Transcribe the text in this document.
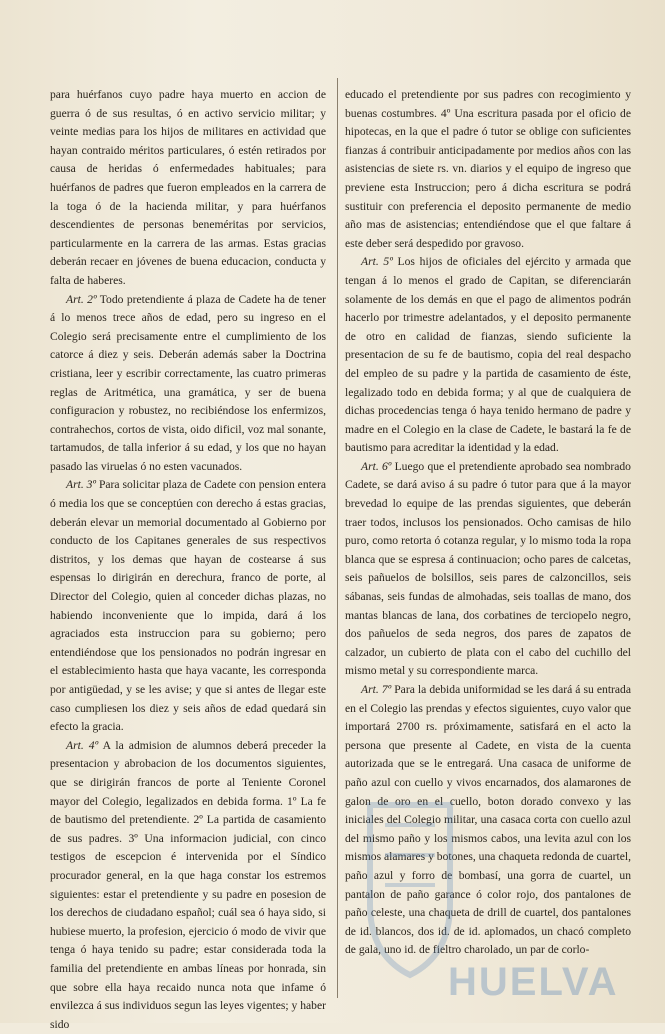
para huérfanos cuyo padre haya muerto en accion de guerra ó de sus resultas, ó en activo servicio militar; y veinte medias para los hijos de militares en actividad que hayan contraido méritos particulares, ó estén retirados por causa de heridas ó enfermedades habituales; para huérfanos de padres que fueron empleados en la carrera de la toga ó de la hacienda militar, y para huérfanos descendientes de personas beneméritas por servicios, particularmente en la carrera de las armas. Estas gracias deberán recaer en jóvenes de buena educacion, conducta y falta de haberes.

Art. 2º Todo pretendiente á plaza de Cadete ha de tener á lo menos trece años de edad, pero su ingreso en el Colegio será precisamente entre el cumplimiento de los catorce á diez y seis. Deberán además saber la Doctrina cristiana, leer y escribir correctamente, las cuatro primeras reglas de Aritmética, una gramática, y ser de buena configuracion y robustez, no recibiéndose los enfermizos, contrahechos, cortos de vista, oido dificil, voz mal sonante, tartamudos, de talla inferior á su edad, y los que no hayan pasado las viruelas ó no esten vacunados.

Art. 3º Para solicitar plaza de Cadete con pension entera ó media los que se conceptúen con derecho á estas gracias, deberán elevar un memorial documentado al Gobierno por conducto de los Capitanes generales de sus respectivos distritos, y los demas que hayan de costearse á sus espensas lo dirigirán en derechura, franco de porte, al Director del Colegio, quien al conceder dichas plazas, no habiendo inconveniente que lo impida, dará á los agraciados esta instruccion para su gobierno; pero entendiéndose que los pensionados no podrán ingresar en el establecimiento hasta que haya vacante, les corresponda por antigüedad, y se les avise; y que si antes de llegar este caso cumpliesen los diez y seis años de edad quedará sin efecto la gracia.

Art. 4º A la admision de alumnos deberá preceder la presentacion y abrobacion de los documentos siguientes, que se dirigirán francos de porte al Teniente Coronel mayor del Colegio, legalizados en debida forma. 1º La fe de bautismo del pretendiente. 2º La partida de casamiento de sus padres. 3º Una informacion judicial, con cinco testigos de escepcion é intervenida por el Síndico procurador general, en la que haga constar los estremos siguientes: estar el pretendiente y su padre en posesion de los derechos de ciudadano español; cuál sea ó haya sido, si hubiese muerto, la profesion, ejercicio ó modo de vivir que tenga ó haya tenido su padre; estar considerada toda la familia del pretendiente en ambas líneas por honrada, sin que sobre ella haya recaido nunca nota que infame ó envilezca á sus individuos segun las leyes vigentes; y haber sido

educado el pretendiente por sus padres con recogimiento y buenas costumbres. 4º Una escritura pasada por el oficio de hipotecas, en la que el padre ó tutor se oblige con suficientes fianzas á contribuir anticipadamente por medios años con las asistencias de siete rs. vn. diarios y el equipo de ingreso que previene esta Instruccion; pero á dicha escritura se podrá sustituir con preferencia el deposito permanente de medio año mas de asistencias; entendiéndose que el que faltare á este deber será despedido por gravoso.

Art. 5º Los hijos de oficiales del ejército y armada que tengan á lo menos el grado de Capitan, se diferenciarán solamente de los demás en que el pago de alimentos podrán hacerlo por trimestre adelantados, y el deposito permanente de otro en calidad de fianzas, siendo suficiente la presentacion de su fe de bautismo, copia del real despacho del empleo de su padre y la partida de casamiento de éste, legalizado todo en debida forma; y al que de cualquiera de dichas procedencias tenga ó haya tenido hermano de padre y madre en el Colegio en la clase de Cadete, le bastará la fe de bautismo para acreditar la identidad y la edad.

Art. 6º Luego que el pretendiente aprobado sea nombrado Cadete, se dará aviso á su padre ó tutor para que á la mayor brevedad lo equipe de las prendas siguientes, que deberán traer todos, inclusos los pensionados. Ocho camisas de hilo puro, como retorta ó cotanza regular, y lo mismo toda la ropa blanca que se espresa á continuacion; ocho pares de calcetas, seis pañuelos de bolsillos, seis pares de calzoncillos, seis sábanas, seis fundas de almohadas, seis toallas de mano, dos mantas blancas de lana, dos corbatines de terciopelo negro, dos pañuelos de seda negros, dos pares de zapatos de calzador, un cubierto de plata con el cabo del cuchillo del mismo metal y su correspondiente marca.

Art. 7º Para la debida uniformidad se les dará á su entrada en el Colegio las prendas y efectos siguientes, cuyo valor que importará 2700 rs. próximamente, satisfará en el acto la persona que presente al Cadete, en vista de la cuenta autorizada que se le entregará. Una casaca de uniforme de paño azul con cuello y vivos encarnados, dos alamarones de galon de oro en el cuello, boton dorado convexo y las iniciales del Colegio militar, una casaca corta con cuello azul del mismo paño y los mismos cabos, una levita azul con los mismos alamares y botones, una chaqueta redonda de cuartel, paño azul y forro de bombasí, una gorra de cuartel, un pantalon de paño garance ó color rojo, dos pantalones de paño celeste, una chaqueta de drill de cuartel, dos pantalones de id. blancos, dos id. de id. aplomados, un chacó completo de gala, uno id. de fieltro charolado, un par de corlo-

HUELVA
